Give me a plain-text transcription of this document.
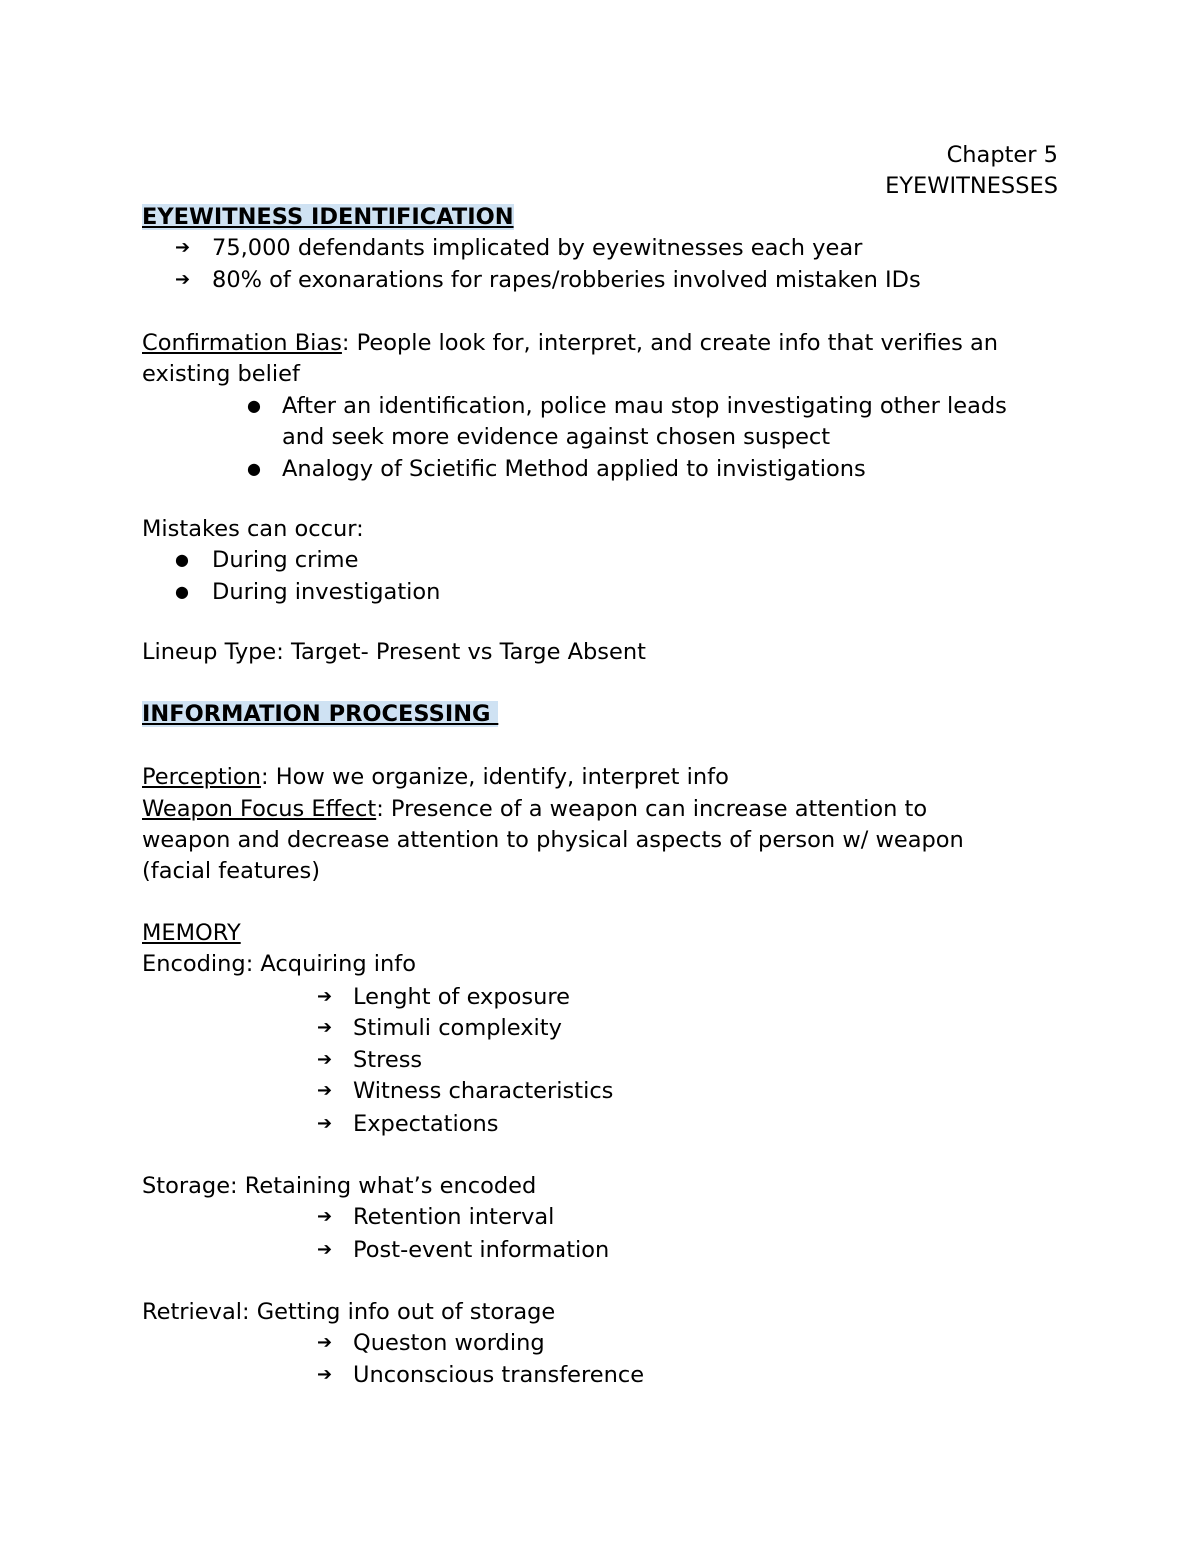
Chapter 5
EYEWITNESSES
EYEWITNESS IDENTIFICATION
➔ 75,000 defendants implicated by eyewitnesses each year
➔ 80% of exonarations for rapes/robberies involved mistaken IDs
Confirmation Bias: People look for, interpret, and create info that verifies an
existing belief
● After an identification, police mau stop investigating other leads
and seek more evidence against chosen suspect
● Analogy of Scietific Method applied to invistigations
Mistakes can occur:
●	During crime
●	During investigation
Lineup Type: Target- Present vs Targe Absent
INFORMATION PROCESSING
Perception: How we organize, identify, interpret info
Weapon Focus Effect: Presence of a weapon can increase attention to
weapon and decrease attention to physical aspects of person w/ weapon
(facial features)
MEMORY
Encoding: Acquiring info
➔ Lenght of exposure
➔ Stimuli complexity
➔ Stress
➔ Witness characteristics
➔ Expectations
Storage: Retaining what’s encoded
➔ Retention interval
➔ Post-event information
Retrieval: Getting info out of storage
➔ Queston wording
➔ Unconscious transference
